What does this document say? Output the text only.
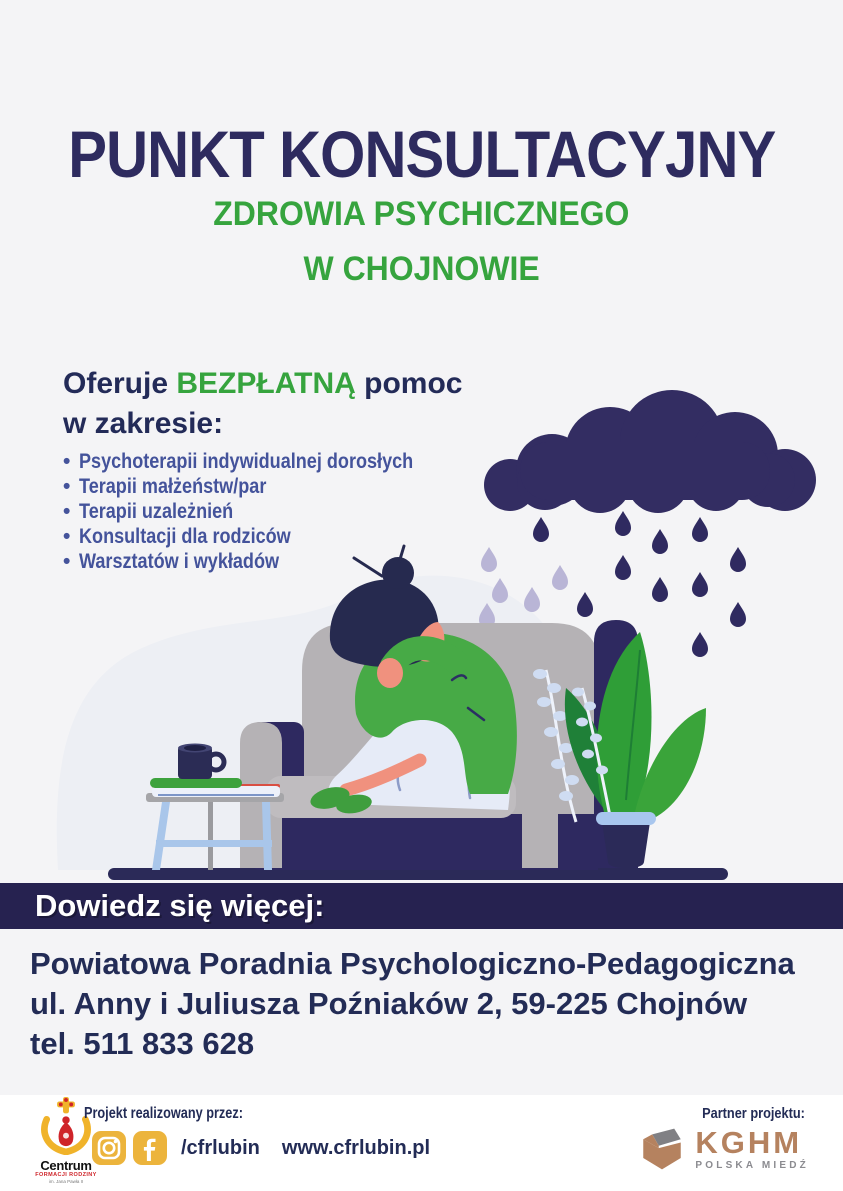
PUNKT KONSULTACYJNY
ZDROWIA PSYCHICZNEGO
W CHOJNOWIE
Oferuje BEZPŁATNĄ pomoc
w zakresie:
• Psychoterapii indywidualnej dorosłych
• Terapii małżeństw/par
• Terapii uzależnień
• Konsultacji dla rodziców
• Warsztatów i wykładów
Dowiedz się więcej:
Powiatowa Poradnia Psychologiczno-Pedagogiczna
ul. Anny i Juliusza Poźniaków 2, 59-225 Chojnów
tel. 511 833 628
Centrum
FORMACJI RODZINY
im. Jana Pawła II
Projekt realizowany przez:
/cfrlubin www.cfrlubin.pl
Partner projektu:
KGHM
POLSKA MIEDŹ
